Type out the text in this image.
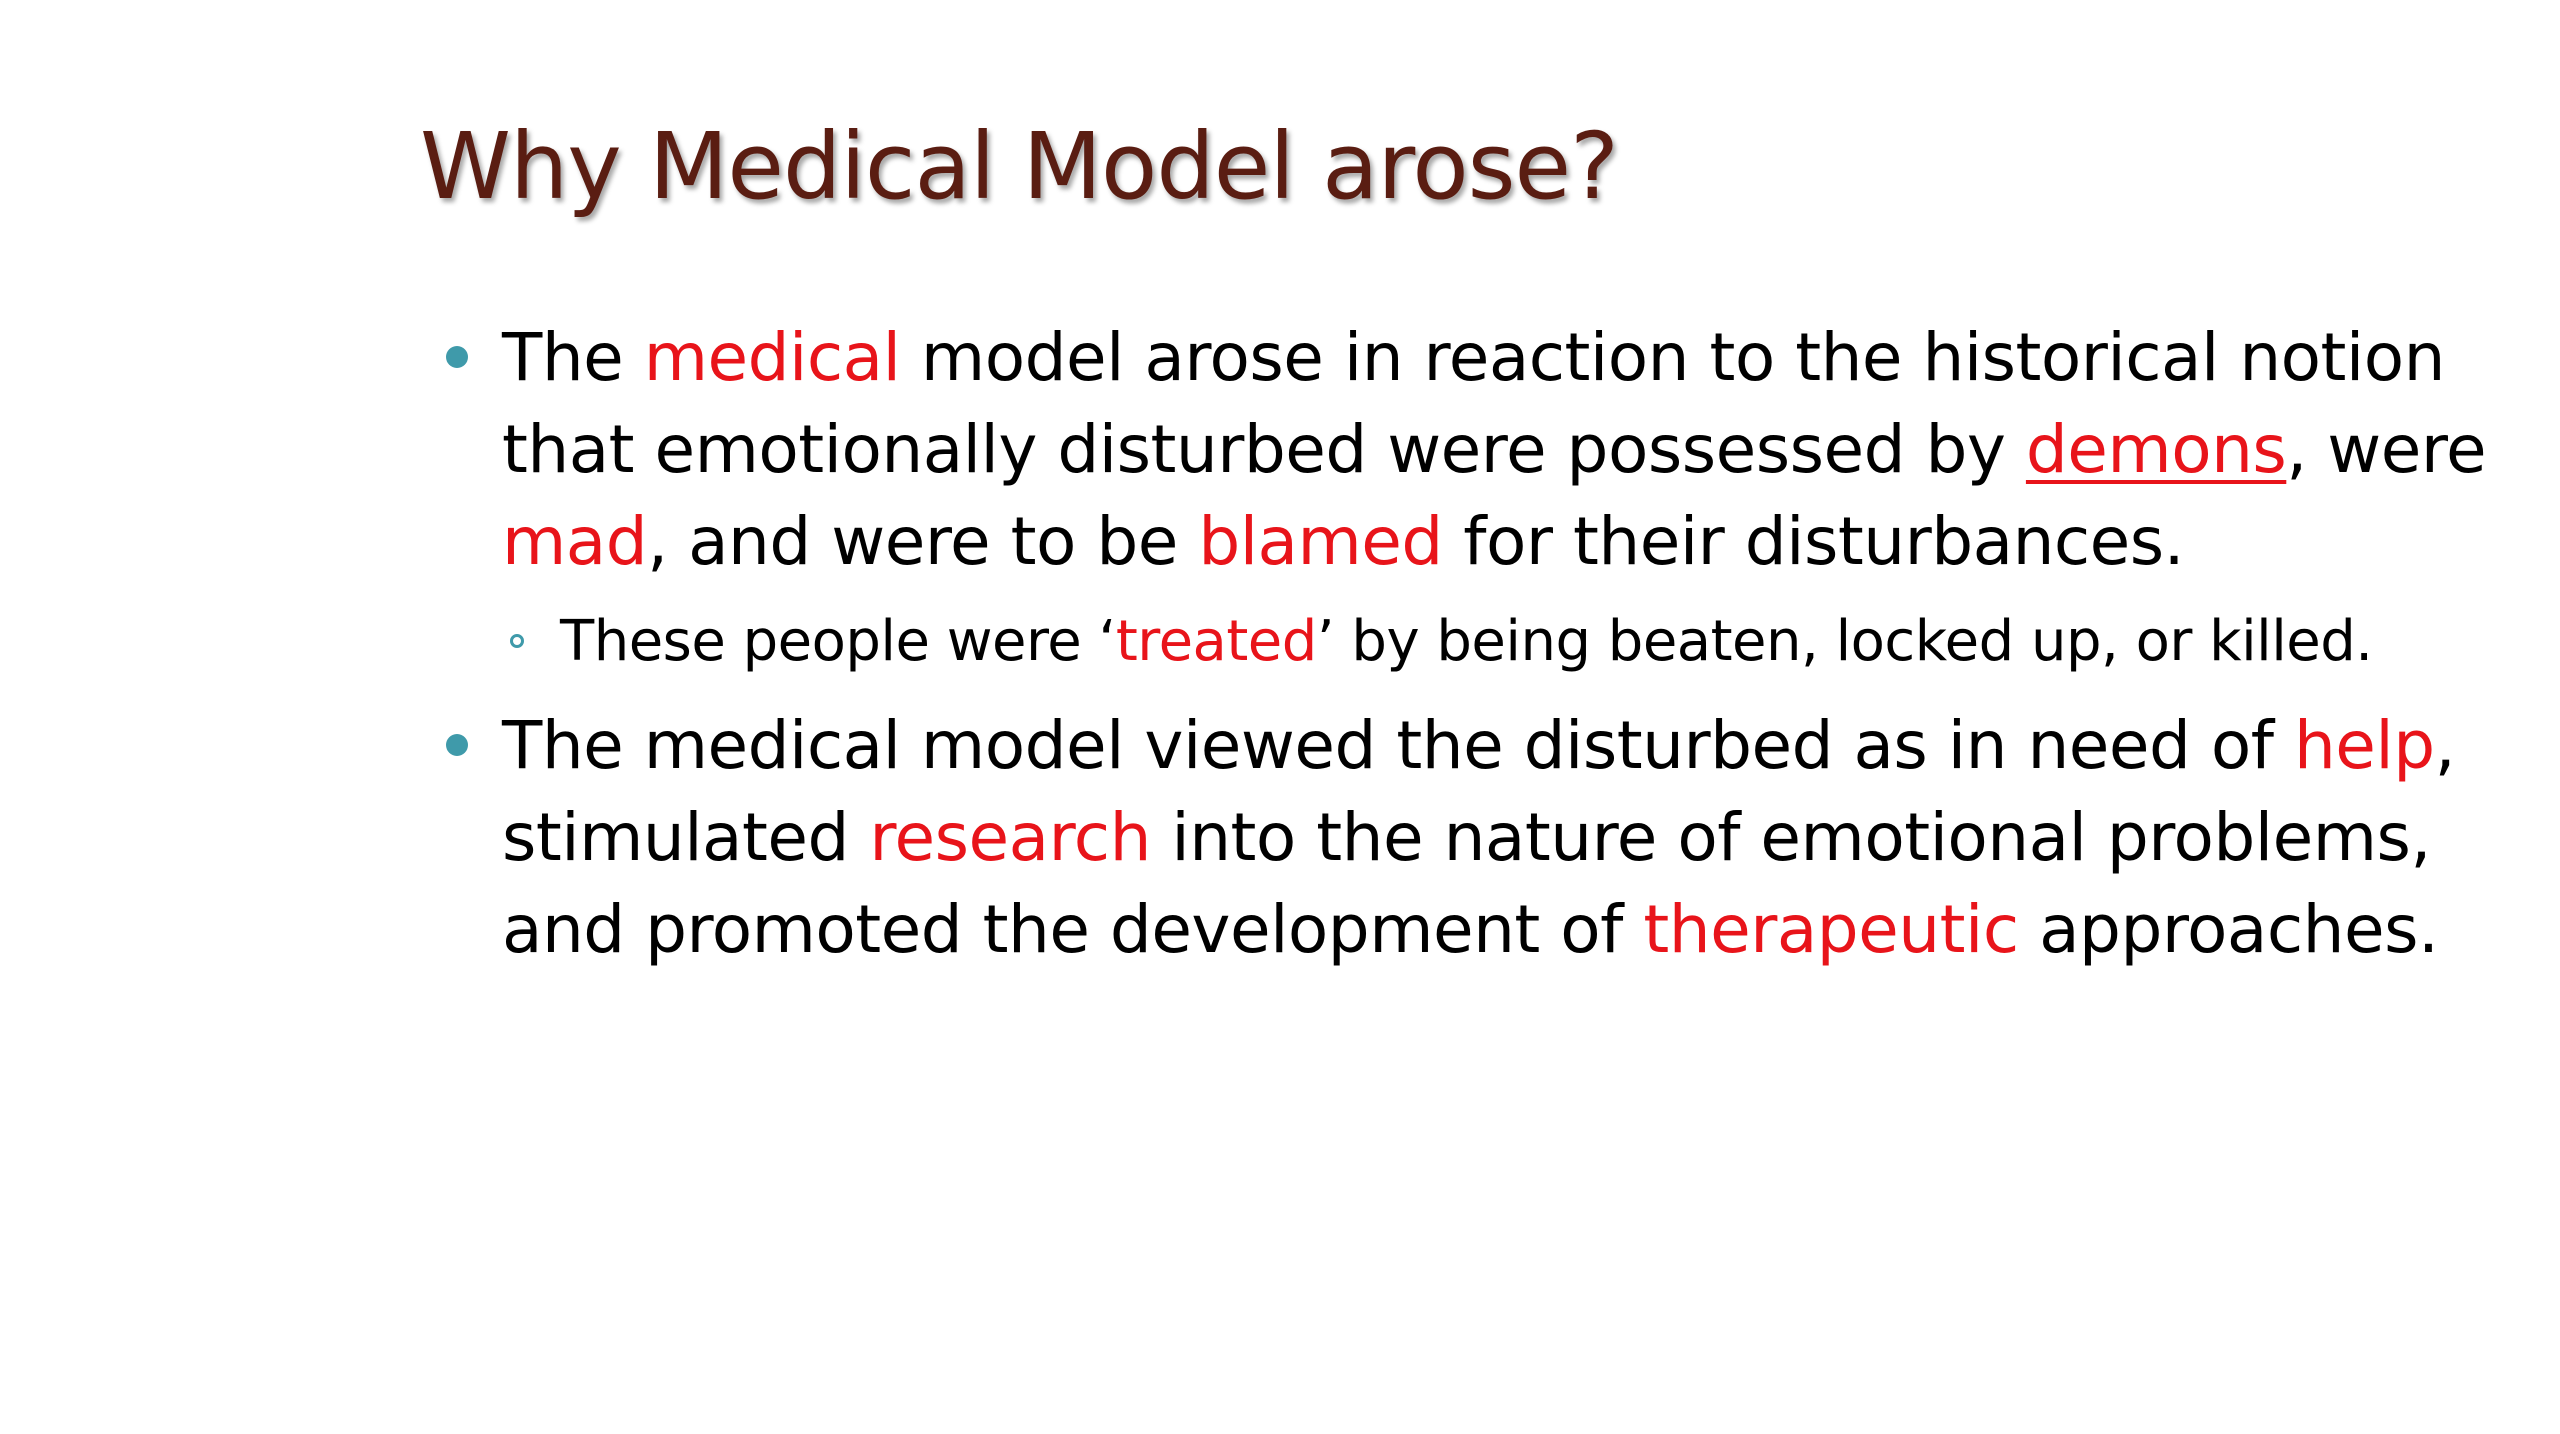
Why Medical Model arose?

The medical model arose in reaction to the historical notion that emotionally disturbed were possessed by demons, were mad, and were to be blamed for their disturbances.

These people were ‘treated’ by being beaten, locked up, or killed.

The medical model viewed the disturbed as in need of help, stimulated research into the nature of emotional problems, and promoted the development of therapeutic approaches.
